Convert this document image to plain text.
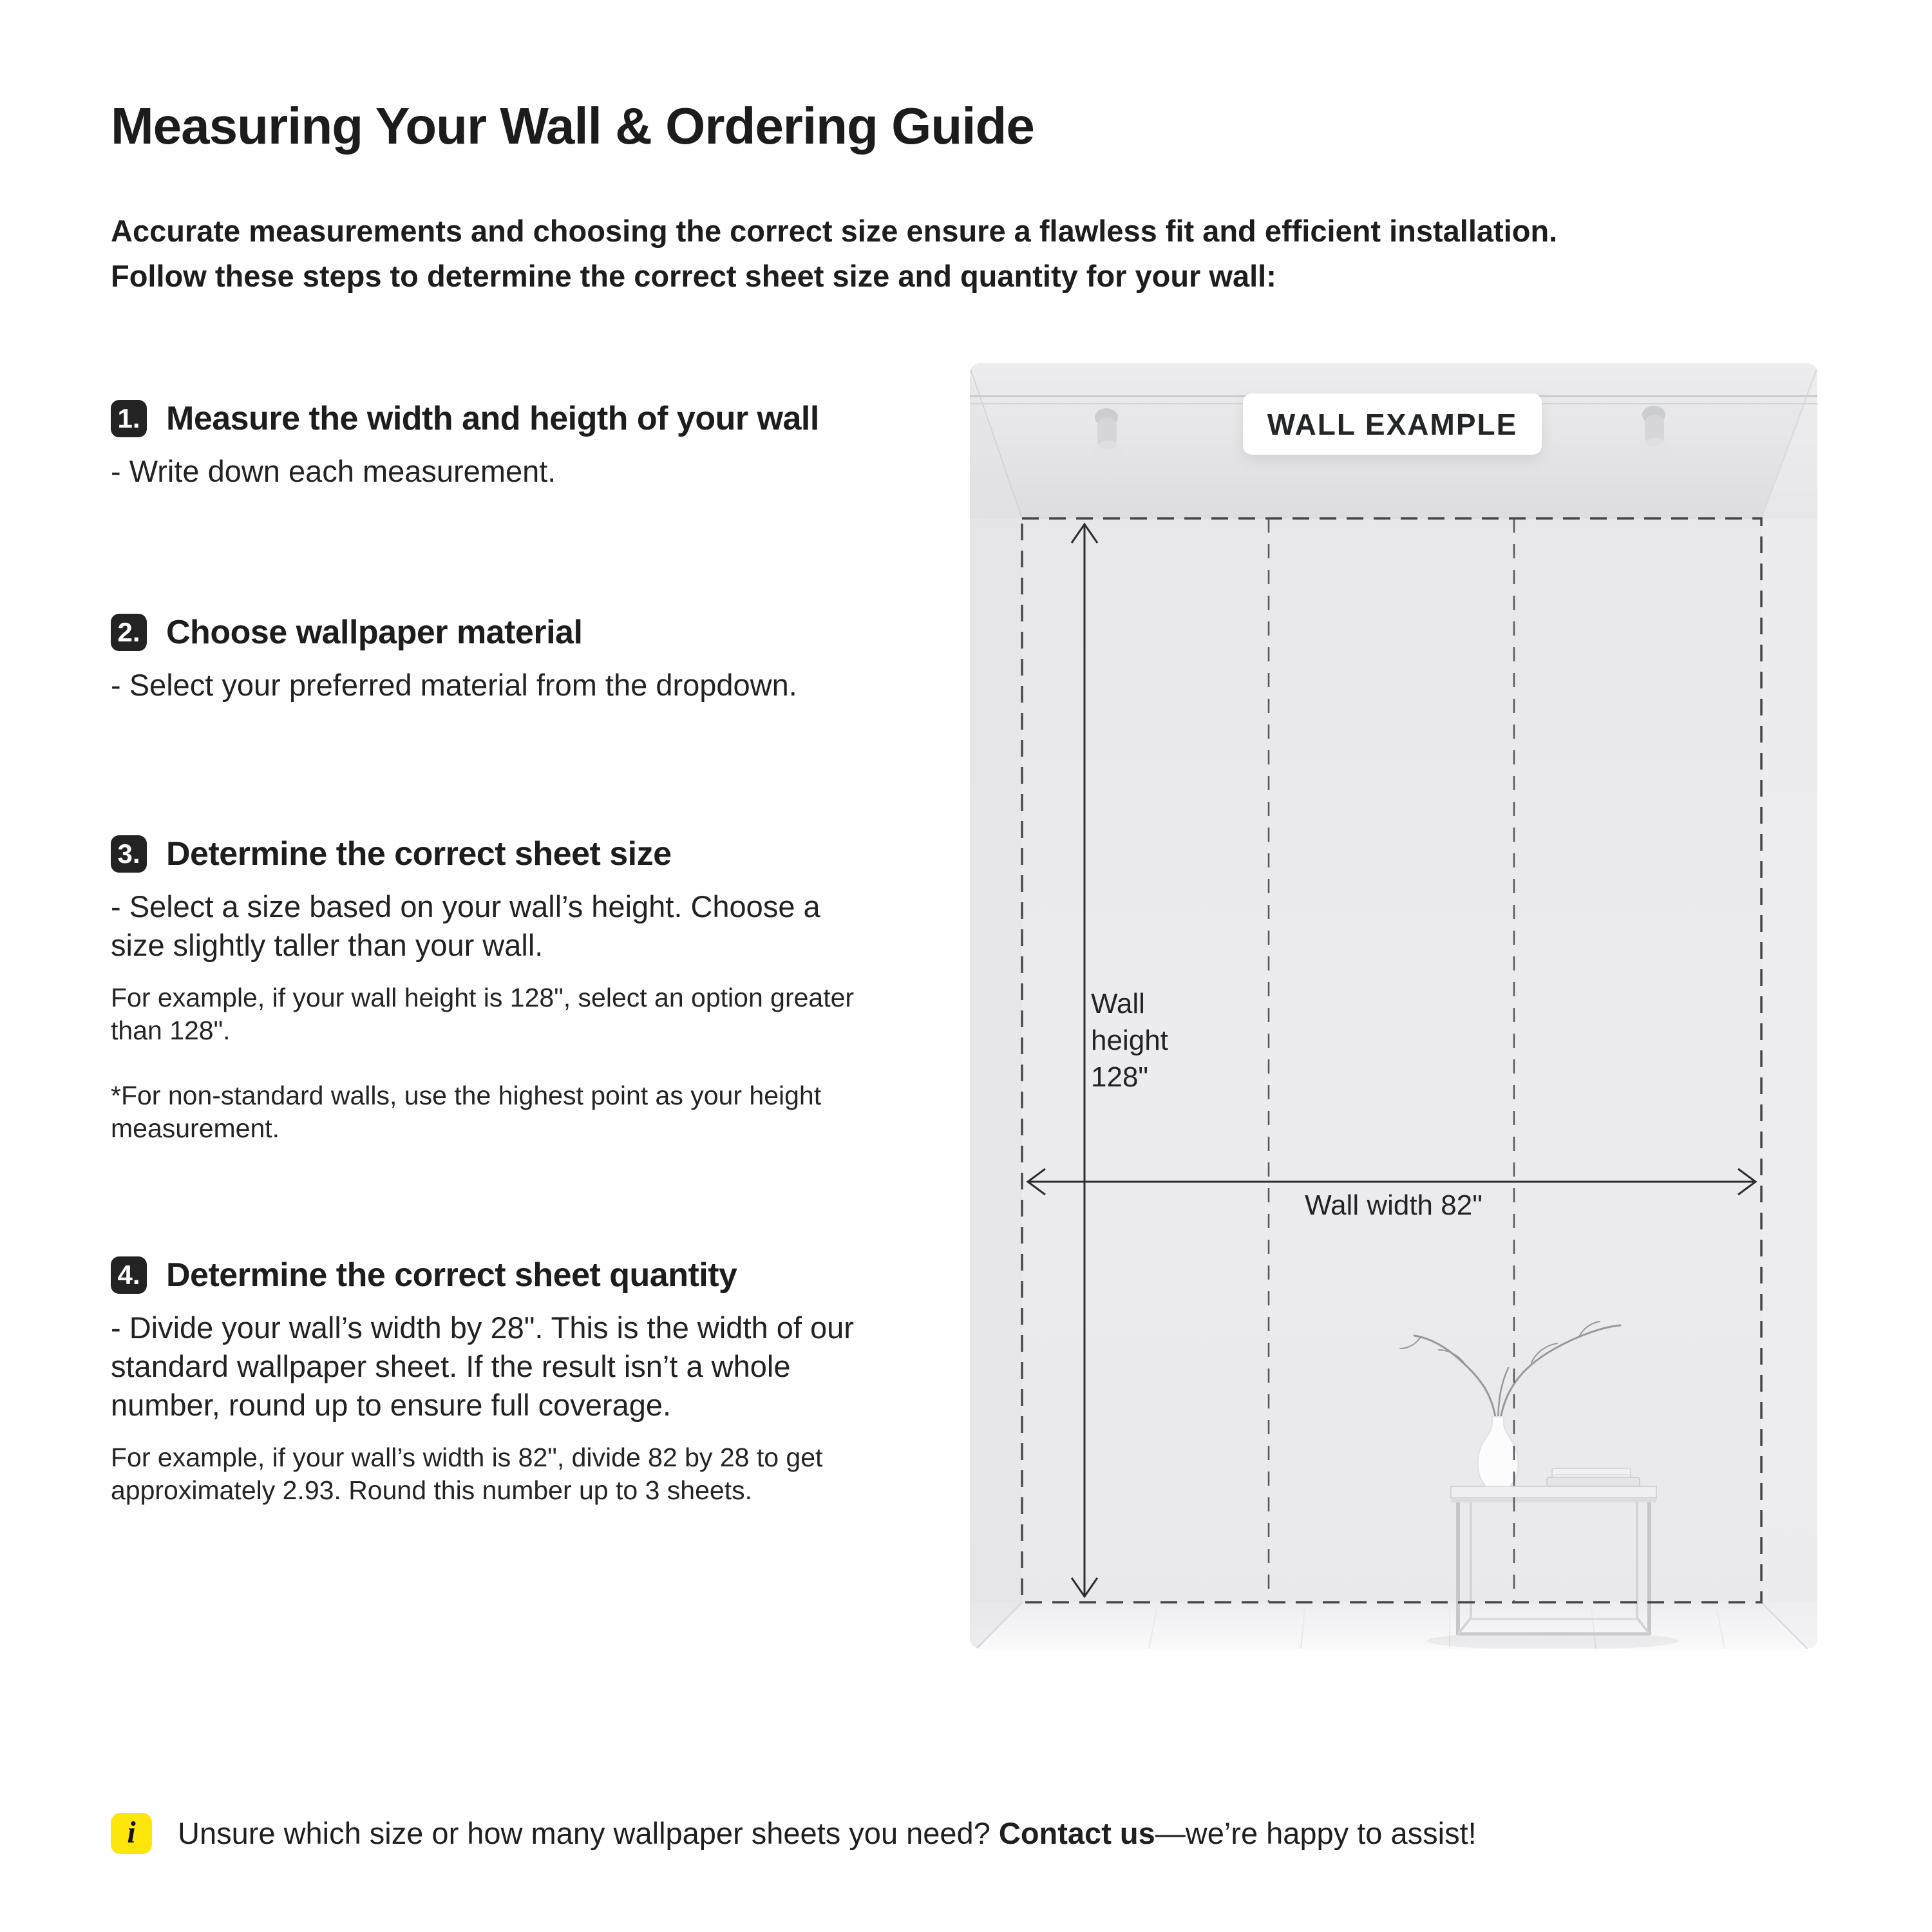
Measuring Your Wall & Ordering Guide
Accurate measurements and choosing the correct size ensure a flawless fit and efficient installation.
Follow these steps to determine the correct sheet size and quantity for your wall:
1. Measure the width and heigth of your wall
- Write down each measurement.
2. Choose wallpaper material
- Select your preferred material from the dropdown.
3. Determine the correct sheet size
- Select a size based on your wall’s height. Choose a
size slightly taller than your wall.
For example, if your wall height is 128", select an option greater
than 128".
*For non-standard walls, use the highest point as your height
measurement.
4. Determine the correct sheet quantity
- Divide your wall’s width by 28". This is the width of our
standard wallpaper sheet. If the result isn’t a whole
number, round up to ensure full coverage.
For example, if your wall’s width is 82", divide 82 by 28 to get
approximately 2.93. Round this number up to 3 sheets.
WALL EXAMPLE
Wall height 128"
Wall width 82"
i	Unsure which size or how many wallpaper sheets you need? Contact us—we’re happy to assist!
